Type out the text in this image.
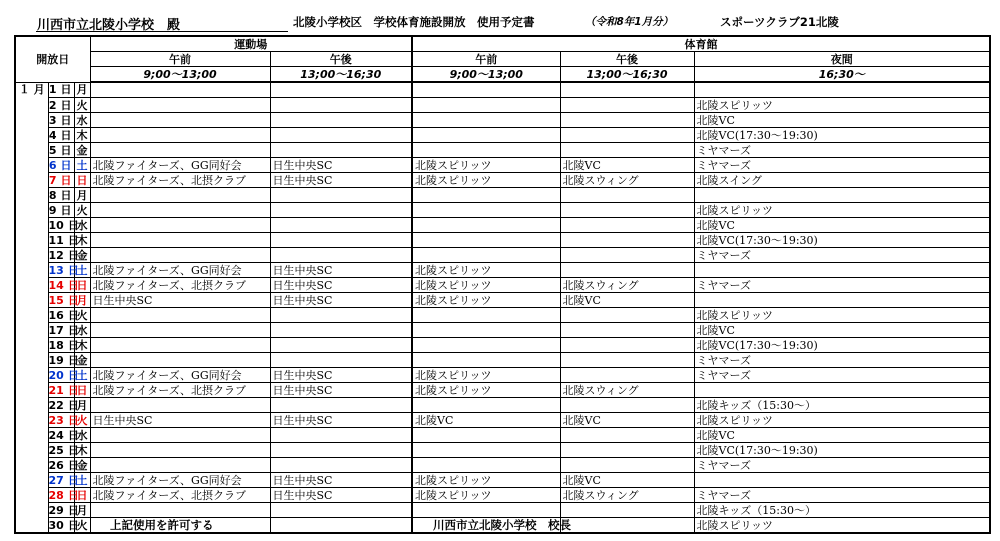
川西市立北陵小学校　殿	北陵小学校区　学校体育施設開放　使用予定書	（令和8年1月分）	スポーツクラブ21北陵
開放日			運動場		体育館		
			午前	午後	午前	午後	夜間
			9;00～13;00	13;00～16;30	9;00～13;00	13;00～16;30	16;30～
１ 月	1 日	月					
	2 日	火					北陵スピリッツ
	3 日	水					北陵VC
	4 日	木					北陵VC(17:30～19:30)
	5 日	金					ミヤマーズ
	6 日	土	北陵ファイターズ、GG同好会	日生中央SC	北陵スピリッツ	北陵VC	ミヤマーズ
	7 日	日	北陵ファイターズ、北摂クラブ	日生中央SC	北陵スピリッツ	北陵スウィング	北陵スイング
	8 日	月					
	9 日	火					北陵スピリッツ
	10 日	水					北陵VC
	11 日	木					北陵VC(17:30～19:30)
	12 日	金					ミヤマーズ
	13 日	土	北陵ファイターズ、GG同好会	日生中央SC	北陵スピリッツ		
	14 日	日	北陵ファイターズ、北摂クラブ	日生中央SC	北陵スピリッツ	北陵スウィング	ミヤマーズ
	15 日	月	日生中央SC	日生中央SC	北陵スピリッツ	北陵VC	
	16 日	火					北陵スピリッツ
	17 日	水					北陵VC
	18 日	木					北陵VC(17:30～19:30)
	19 日	金					ミヤマーズ
	20 日	土	北陵ファイターズ、GG同好会	日生中央SC	北陵スピリッツ		ミヤマーズ
	21 日	日	北陵ファイターズ、北摂クラブ	日生中央SC	北陵スピリッツ	北陵スウィング	
	22 日	月					北陵キッズ（15:30～）
	23 日	火	日生中央SC	日生中央SC	北陵VC	北陵VC	北陵スピリッツ
	24 日	水					北陵VC
	25 日	木					北陵VC(17:30～19:30)
	26 日	金					ミヤマーズ
	27 日	土	北陵ファイターズ、GG同好会	日生中央SC	北陵スピリッツ	北陵VC	
	28 日	日	北陵ファイターズ、北摂クラブ	日生中央SC	北陵スピリッツ	北陵スウィング	ミヤマーズ
	29 日	月					北陵キッズ（15:30～）
	30 日	火					北陵スピリッツ
上記使用を許可する	川西市立北陵小学校　校長
